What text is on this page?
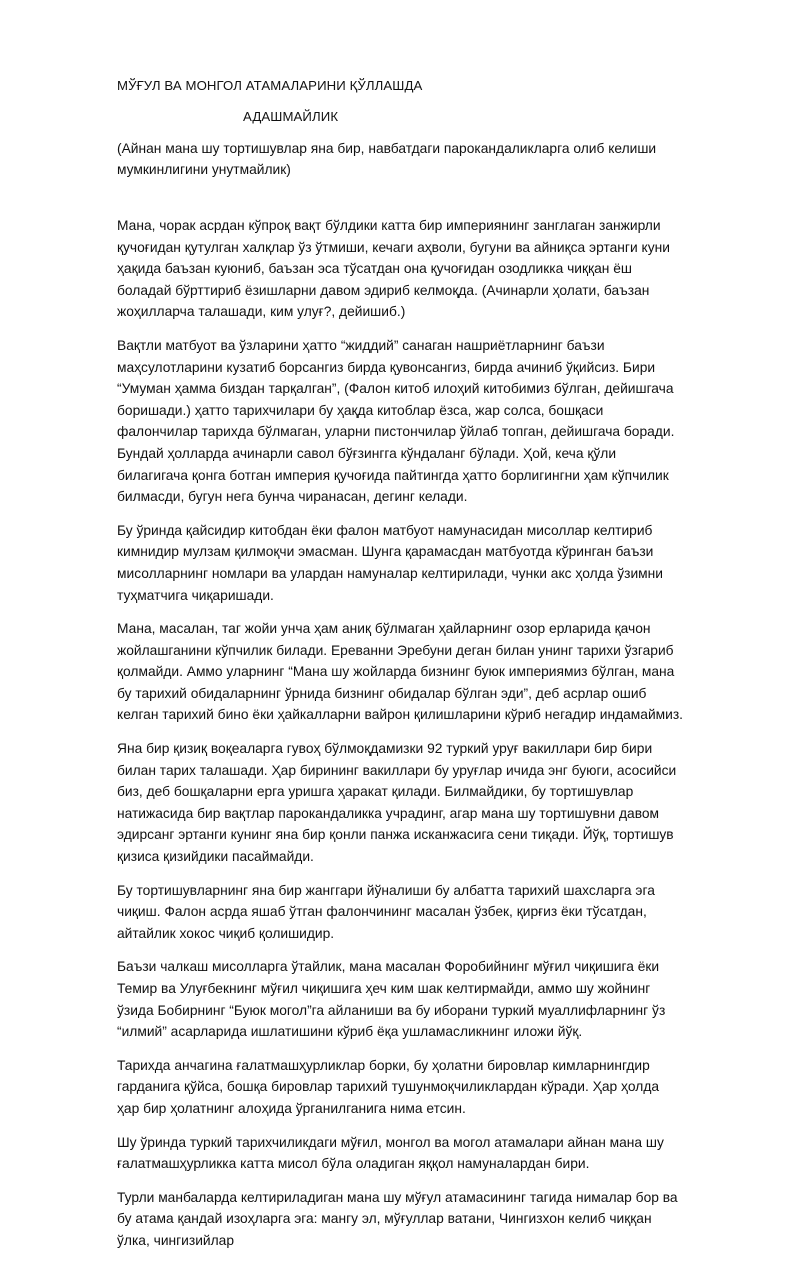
МЎҒУЛ ВА МОНГОЛ АТАМАЛАРИНИ ҚЎЛЛАШДА
АДАШМАЙЛИК
(Айнан мана шу тортишувлар яна бир, навбатдаги парокандаликларга олиб келиши мумкинлигини унутмайлик)

Мана, чорак асрдан кўпроқ вақт бўлдики катта бир империянинг занглаган занжирли қучоғидан қутулган халқлар ўз ўтмиши, кечаги аҳволи, бугуни ва айниқса эртанги куни ҳақида баъзан куюниб, баъзан эса тўсатдан она қучоғидан озодликка чиққан ёш боладай бўрттириб ёзишларни давом эдириб келмоқда. (Ачинарли ҳолати, баъзан жоҳилларча талашади, ким улуғ?, дейишиб.)

Вақтли матбуот ва ўзларини ҳатто “жиддий” санаган нашриётларнинг баъзи маҳсулотларини кузатиб борсангиз бирда қувонсангиз, бирда ачиниб ўқийсиз. Бири “Умуман ҳамма биздан тарқалган”, (Фалон китоб илоҳий китобимиз бўлган, дейишгача боришади.) ҳатто тарихчилари бу ҳақда китоблар ёзса, жар солса, бошқаси фалончилар тарихда бўлмаган, уларни пистончилар ўйлаб топган, дейишгача боради. Бундай ҳолларда ачинарли савол бўғзингга кўндаланг бўлади. Ҳой, кеча қўли билагигача қонга ботган империя қучоғида пайтингда ҳатто борлигингни ҳам кўпчилик билмасди, бугун нега бунча чиранасан, дегинг келади.

Бу ўринда қайсидир китобдан ёки фалон матбуот намунасидан мисоллар келтириб кимнидир мулзам қилмоқчи эмасман. Шунга қарамасдан матбуотда кўринган баъзи мисолларнинг номлари ва улардан намуналар келтирилади, чунки акс ҳолда ўзимни туҳматчига чиқаришади.

Мана, масалан, таг жойи унча ҳам аниқ бўлмаган ҳайларнинг озор ерларида қачон жойлашганини кўпчилик билади. Ереванни Эребуни деган билан унинг тарихи ўзгариб қолмайди. Аммо уларнинг “Мана шу жойларда бизнинг буюк империямиз бўлган, мана бу тарихий обидаларнинг ўрнида бизнинг обидалар бўлган эди”, деб асрлар ошиб келган тарихий бино ёки ҳайкалларни вайрон қилишларини кўриб негадир индамаймиз.

Яна бир қизиқ воқеаларга гувоҳ бўлмоқдамизки 92 туркий уруғ вакиллари бир бири билан тарих талашади. Ҳар бирининг вакиллари бу уруғлар ичида энг буюги, асосийси биз, деб бошқаларни ерга уришга ҳаракат қилади. Билмайдики, бу тортишувлар натижасида бир вақтлар парокандаликка учрадинг, агар мана шу тортишувни давом эдирсанг эртанги кунинг яна бир қонли панжа исканжасига сени тиқади. Йўқ, тортишув қизиса қизийдики пасаймайди.

Бу тортишувларнинг яна бир жанггари йўналиши бу албатта тарихий шахсларга эга чиқиш. Фалон асрда яшаб ўтган фалончининг масалан ўзбек, қирғиз ёки тўсатдан, айтайлик хокос чиқиб қолишидир.

Баъзи чалкаш мисолларга ўтайлик, мана масалан Форобийнинг мўғил чиқишига ёки Темир ва Улуғбекнинг мўғил чиқишига ҳеч ким шак келтирмайди, аммо шу жойнинг ўзида Бобирнинг “Буюк могол”га айланиши ва бу иборани туркий муаллифларнинг ўз “илмий” асарларида ишлатишини кўриб ёқа ушламасликнинг иложи йўқ.

Тарихда анчагина ғалатмашҳурликлар борки, бу ҳолатни бировлар кимларнингдир гарданига қўйса, бошқа бировлар тарихий тушунмоқчиликлардан кўради. Ҳар ҳолда ҳар бир ҳолатнинг алоҳида ўрганилганига нима етсин.

Шу ўринда туркий тарихчиликдаги мўғил, монгол ва могол атамалари айнан мана шу ғалатмашҳурликка катта мисол бўла оладиган яққол намуналардан бири.

Турли манбаларда келтириладиган мана шу мўғул атамасининг тагида нималар бор ва бу атама қандай изоҳларга эга: мангу эл, мўғуллар ватани, Чингизхон келиб чиққан ўлка, чингизийлар
